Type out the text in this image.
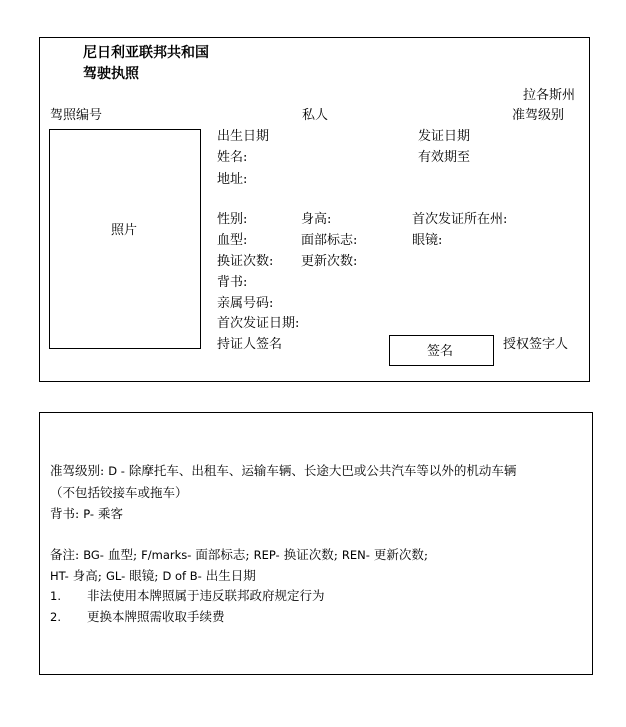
尼日利亚联邦共和国
驾驶执照
拉各斯州
驾照编号	私人	准驾级别
照片
出生日期	发证日期
姓名:	有效期至
地址:
性别:	身高:	首次发证所在州:
血型:	面部标志:	眼镜:
换证次数: 更新次数:
背书:
亲属号码:
首次发证日期:
持证人签名	签名	授权签字人
准驾级别: D - 除摩托车、出租车、运输车辆、长途大巴或公共汽车等以外的机动车辆
（不包括铰接车或拖车）
背书: P- 乘客
备注: BG- 血型; F/marks- 面部标志; REP- 换证次数; REN- 更新次数;
HT- 身高; GL- 眼镜; D of B- 出生日期
1. 非法使用本牌照属于违反联邦政府规定行为
2. 更换本牌照需收取手续费
